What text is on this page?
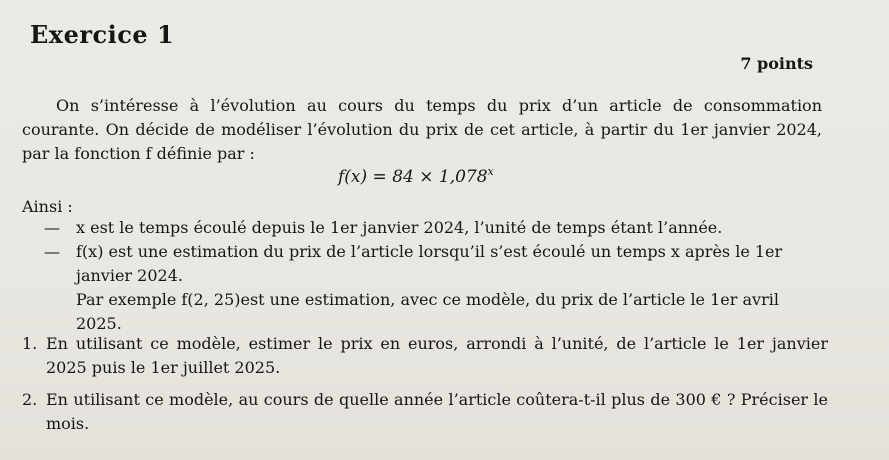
Exercice 1
7 points
On s’intéresse à l’évolution au cours du temps du prix d’un article de consommation courante. On décide de modéliser l’évolution du prix de cet article, à partir du 1er janvier 2024, par la fonction f définie par :
$f(x) = 84 \times 1,078^x$
Ainsi :
— x est le temps écoulé depuis le 1er janvier 2024, l’unité de temps étant l’année.
— f(x) est une estimation du prix de l’article lorsqu’il s’est écoulé un temps x après le 1er janvier 2024.
Par exemple f(2, 25)est une estimation, avec ce modèle, du prix de l’article le 1er avril 2025.
1. En utilisant ce modèle, estimer le prix en euros, arrondi à l’unité, de l’article le 1er janvier 2025 puis le 1er juillet 2025.
2. En utilisant ce modèle, au cours de quelle année l’article coûtera-t-il plus de 300 € ? Préciser le mois.
